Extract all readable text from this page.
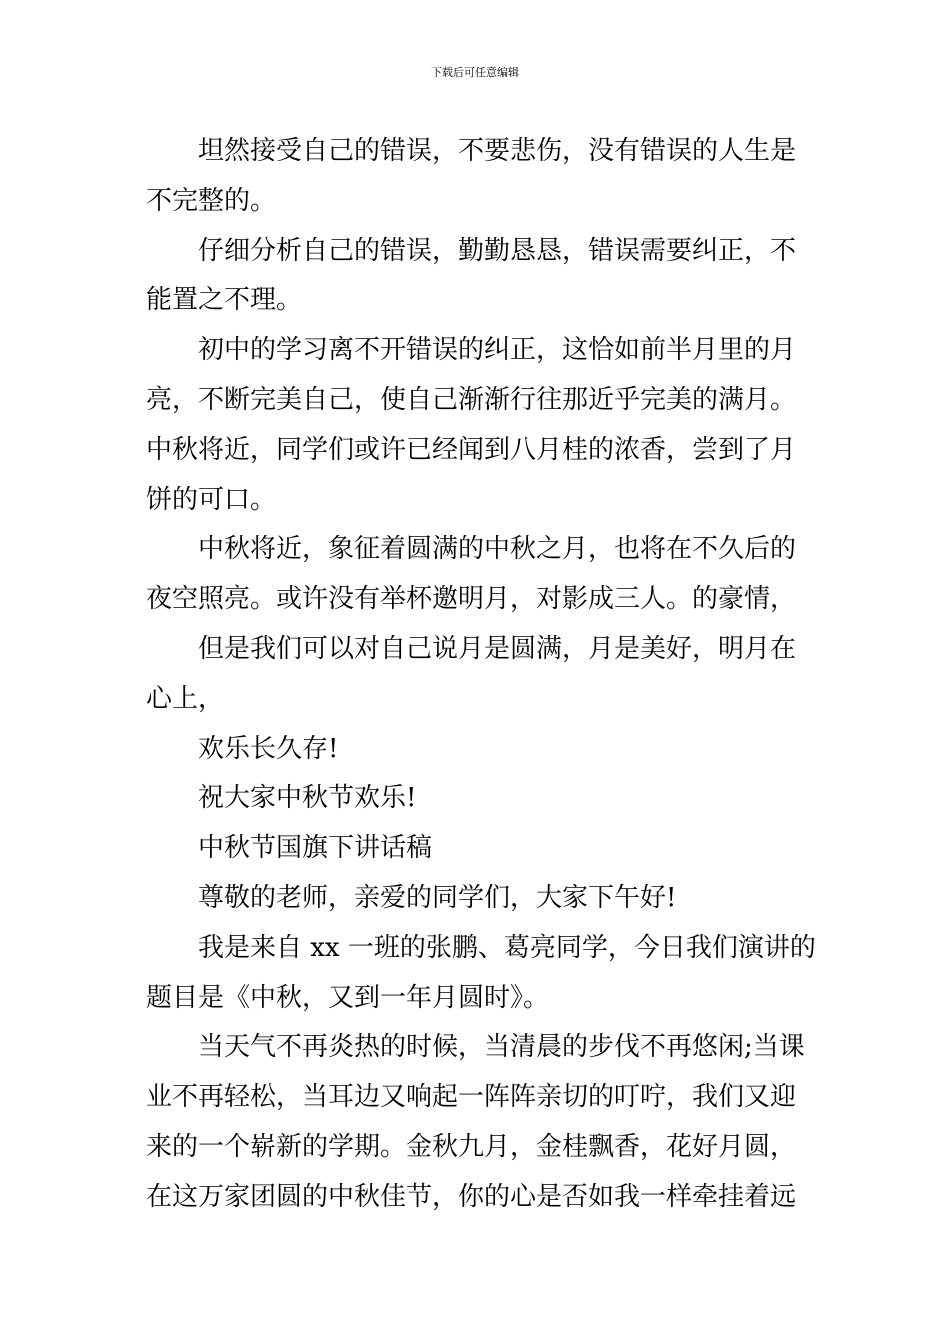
下载后可任意编辑
坦然接受自己的错误，不要悲伤，没有错误的人生是
不完整的。
仔细分析自己的错误，勤勤恳恳，错误需要纠正，不
能置之不理。
初中的学习离不开错误的纠正，这恰如前半月里的月
亮，不断完美自己，使自己渐渐行往那近乎完美的满月。
中秋将近，同学们或许已经闻到八月桂的浓香，尝到了月
饼的可口。
中秋将近，象征着圆满的中秋之月，也将在不久后的
夜空照亮。或许没有举杯邀明月，对影成三人。的豪情，
但是我们可以对自己说月是圆满，月是美好，明月在
心上，
欢乐长久存!
祝大家中秋节欢乐!
中秋节国旗下讲话稿
尊敬的老师，亲爱的同学们，大家下午好!
我是来自 xx 一班的张鹏、葛亮同学，今日我们演讲的
题目是《中秋，又到一年月圆时》。
当天气不再炎热的时候，当清晨的步伐不再悠闲;当课
业不再轻松，当耳边又响起一阵阵亲切的叮咛，我们又迎
来的一个崭新的学期。金秋九月，金桂飘香，花好月圆，
在这万家团圆的中秋佳节，你的心是否如我一样牵挂着远
